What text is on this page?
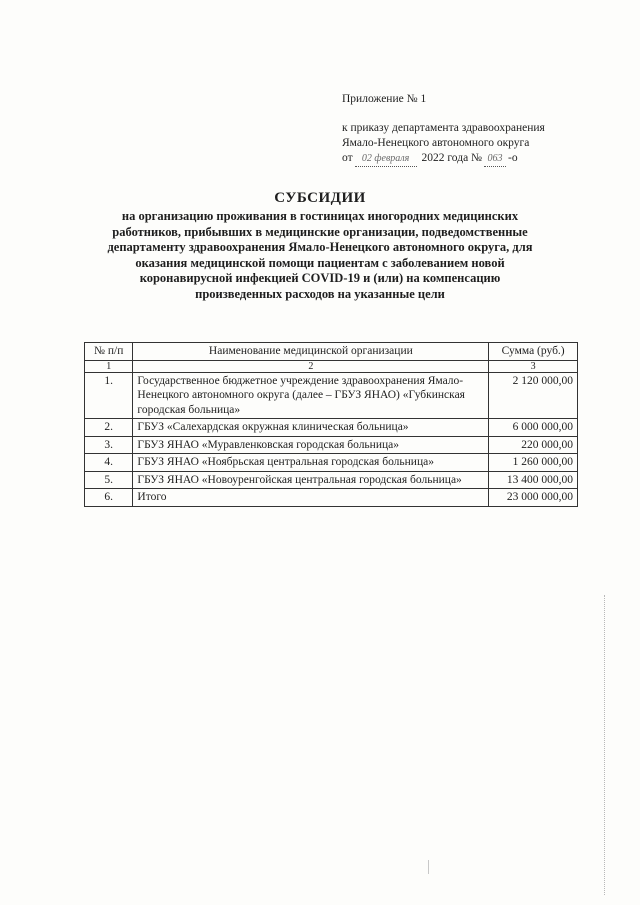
Приложение № 1
к приказу департамента здравоохранения
Ямало-Ненецкого автономного округа
от 02 февраля 2022 года № 063 -о
СУБСИДИИ
на организацию проживания в гостиницах иногородних медицинских
работников, прибывших в медицинские организации, подведомственные
департаменту здравоохранения Ямало-Ненецкого автономного округа, для
оказания медицинской помощи пациентам с заболеванием новой
коронавирусной инфекцией COVID-19 и (или) на компенсацию
произведенных расходов на указанные цели
№ п/п	Наименование медицинской организации	Сумма (руб.)
1	2	3
1.	Государственное бюджетное учреждение здравоохранения Ямало-Ненецкого автономного округа (далее – ГБУЗ ЯНАО) «Губкинская городская больница»	2 120 000,00
2.	ГБУЗ «Салехардская окружная клиническая больница»	6 000 000,00
3.	ГБУЗ ЯНАО «Муравленковская городская больница»	220 000,00
4.	ГБУЗ ЯНАО «Ноябрьская центральная городская больница»	1 260 000,00
5.	ГБУЗ ЯНАО «Новоуренгойская центральная городская больница»	13 400 000,00
6.	Итого	23 000 000,00
